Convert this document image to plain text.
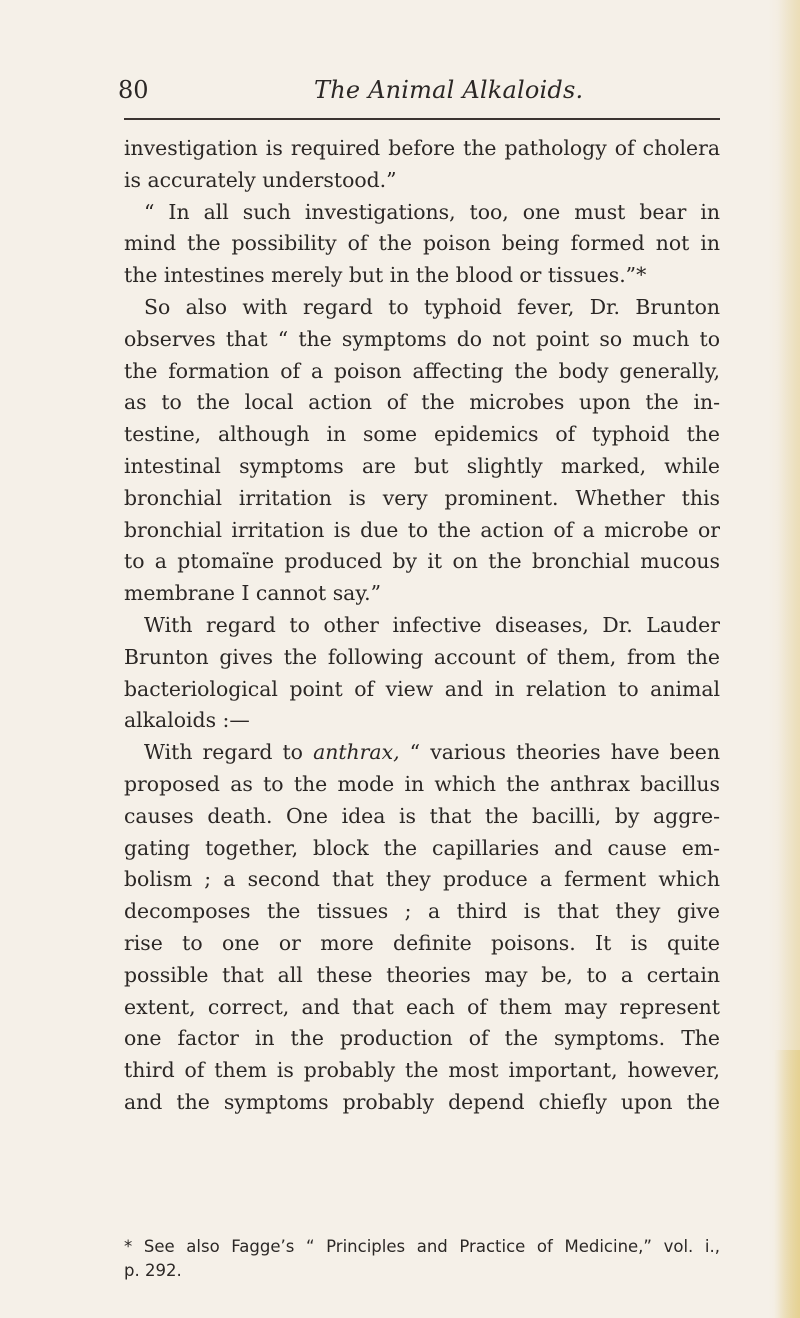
80	The Animal Alkaloids.
investigation is required before the pathology of cholera
is accurately understood.”
“ In all such investigations, too, one must bear in
mind the possibility of the poison being formed not in
the intestines merely but in the blood or tissues.”*
So also with regard to typhoid fever, Dr. Brunton
observes that “ the symptoms do not point so much to
the formation of a poison affecting the body generally,
as to the local action of the microbes upon the in-
testine, although in some epidemics of typhoid the
intestinal symptoms are but slightly marked, while
bronchial irritation is very prominent. Whether this
bronchial irritation is due to the action of a microbe or
to a ptomaïne produced by it on the bronchial mucous
membrane I cannot say.”
With regard to other infective diseases, Dr. Lauder
Brunton gives the following account of them, from the
bacteriological point of view and in relation to animal
alkaloids :—
With regard to anthrax, “ various theories have been
proposed as to the mode in which the anthrax bacillus
causes death. One idea is that the bacilli, by aggre-
gating together, block the capillaries and cause em-
bolism ; a second that they produce a ferment which
decomposes the tissues ; a third is that they give
rise to one or more definite poisons. It is quite
possible that all these theories may be, to a certain
extent, correct, and that each of them may represent
one factor in the production of the symptoms. The
third of them is probably the most important, however,
and the symptoms probably depend chiefly upon the
* See also Fagge’s “ Principles and Practice of Medicine,” vol. i.,
p. 292.
